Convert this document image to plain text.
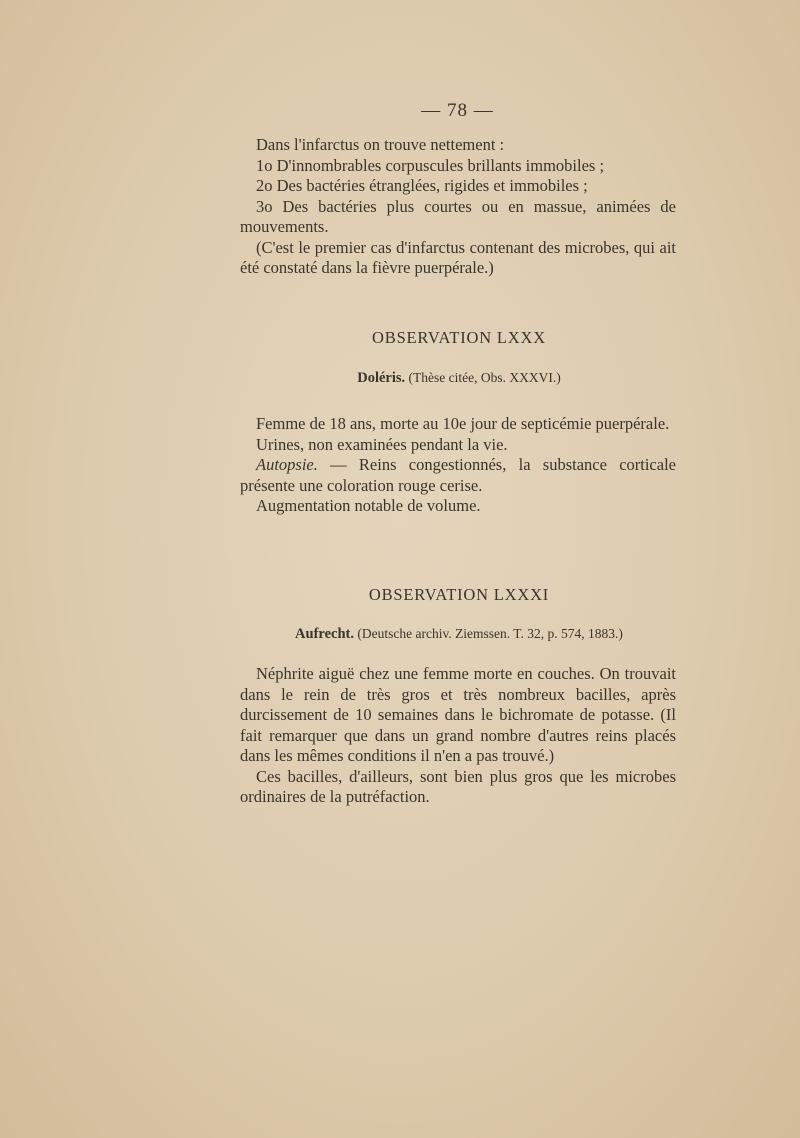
— 78 —

Dans l'infarctus on trouve nettement :

1o D'innombrables corpuscules brillants immobiles ;

2o Des bactéries étranglées, rigides et immobiles ;

3o Des bactéries plus courtes ou en massue, animées de mouvements.

(C'est le premier cas d'infarctus contenant des microbes, qui ait été constaté dans la fièvre puerpérale.)

OBSERVATION LXXX
Doléris. (Thèse citée, Obs. XXXVI.)

Femme de 18 ans, morte au 10e jour de septicémie puerpérale.

Urines, non examinées pendant la vie.

Autopsie. — Reins congestionnés, la substance corticale présente une coloration rouge cerise.

Augmentation notable de volume.

OBSERVATION LXXXI
Aufrecht. (Deutsche archiv. Ziemssen. T. 32, p. 574, 1883.)

Néphrite aiguë chez une femme morte en couches. On trouvait dans le rein de très gros et très nombreux bacilles, après durcissement de 10 semaines dans le bichromate de potasse. (Il fait remarquer que dans un grand nombre d'autres reins placés dans les mêmes conditions il n'en a pas trouvé.)

Ces bacilles, d'ailleurs, sont bien plus gros que les microbes ordinaires de la putréfaction.
